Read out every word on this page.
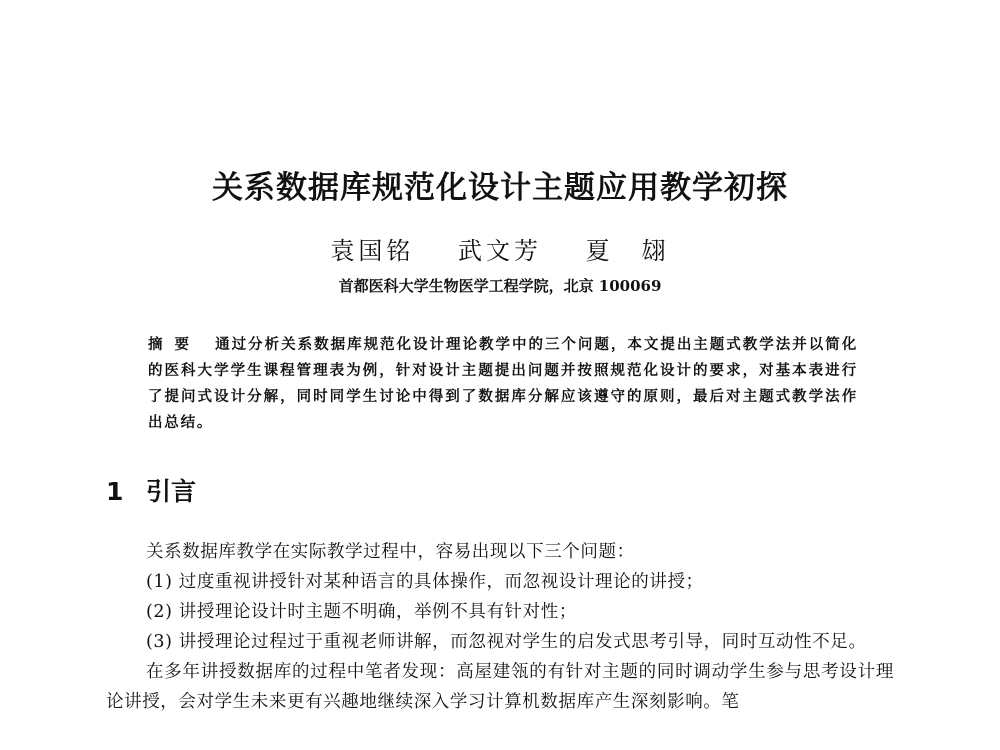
关系数据库规范化设计主题应用教学初探
袁国铭 武文芳 夏　翃
首都医科大学生物医学工程学院，北京 100069
摘要 通过分析关系数据库规范化设计理论教学中的三个问题，本文提出主题式教学法并以简化的医科大学学生课程管理表为例，针对设计主题提出问题并按照规范化设计的要求，对基本表进行了提问式设计分解，同时同学生讨论中得到了数据库分解应该遵守的原则，最后对主题式教学法作出总结。
1 引言

关系数据库教学在实际教学过程中，容易出现以下三个问题：

(1) 过度重视讲授针对某种语言的具体操作，而忽视设计理论的讲授；

(2) 讲授理论设计时主题不明确，举例不具有针对性；

(3) 讲授理论过程过于重视老师讲解，而忽视对学生的启发式思考引导，同时互动性不足。

在多年讲授数据库的过程中笔者发现：高屋建瓴的有针对主题的同时调动学生参与思考设计理论讲授，会对学生未来更有兴趣地继续深入学习计算机数据库产生深刻影响。笔
